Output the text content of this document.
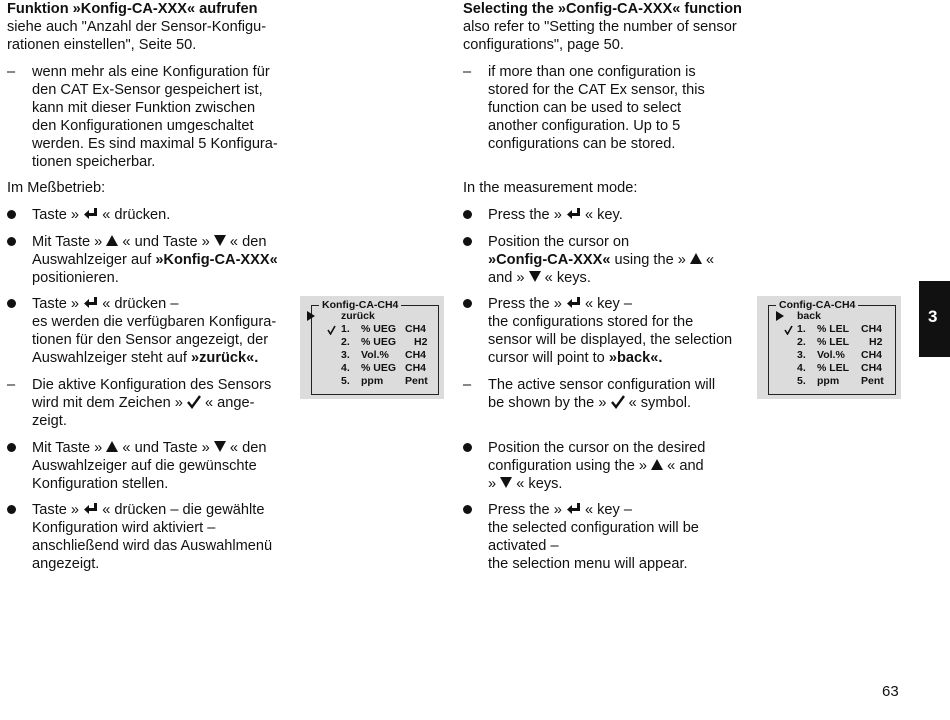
Funktion »Konfig-CA-XXX« aufrufen
siehe auch "Anzahl der Sensor-Konfigu-
rationen einstellen", Seite 50.
–	wenn mehr als eine Konfiguration für
den CAT Ex-Sensor gespeichert ist,
kann mit dieser Funktion zwischen
den Konfigurationen umgeschaltet
werden. Es sind maximal 5 Konfigura-
tionen speicherbar.
Im Meßbetrieb:
Taste » « drücken.
Mit Taste » « und Taste » « den
Auswahlzeiger auf »Konfig-CA-XXX«
positionieren.
Taste » « drücken –
es werden die verfügbaren Konfigura-
tionen für den Sensor angezeigt, der
Auswahlzeiger steht auf »zurück«.
–	Die aktive Konfiguration des Sensors
wird mit dem Zeichen » « ange-
zeigt.
Mit Taste » « und Taste » « den
Auswahlzeiger auf die gewünschte
Konfiguration stellen.
Taste » « drücken – die gewählte
Konfiguration wird aktiviert –
anschließend wird das Auswahlmenü
angezeigt.
Konfig-CA-CH4
zurück
1. % UEG CH4
2. % UEG H2
3. Vol.% CH4
4. % UEG CH4
5. ppm Pent
Selecting the »Config-CA-XXX« function
also refer to "Setting the number of sensor
configurations", page 50.
–	if more than one configuration is
stored for the CAT Ex sensor, this
function can be used to select
another configuration. Up to 5
configurations can be stored.
In the measurement mode:
Press the » « key.
Position the cursor on
»Config-CA-XXX« using the » «
and » « keys.
Press the » « key –
the configurations stored for the
sensor will be displayed, the selection
cursor will point to »back«.
–	The active sensor configuration will
be shown by the » « symbol.
Position the cursor on the desired
configuration using the » « and
» « keys.
Press the » « key –
the selected configuration will be
activated –
the selection menu will appear.
Config-CA-CH4
back
1. % LEL CH4
2. % LEL H2
3. Vol.% CH4
4. % LEL CH4
5. ppm Pent
3
63
